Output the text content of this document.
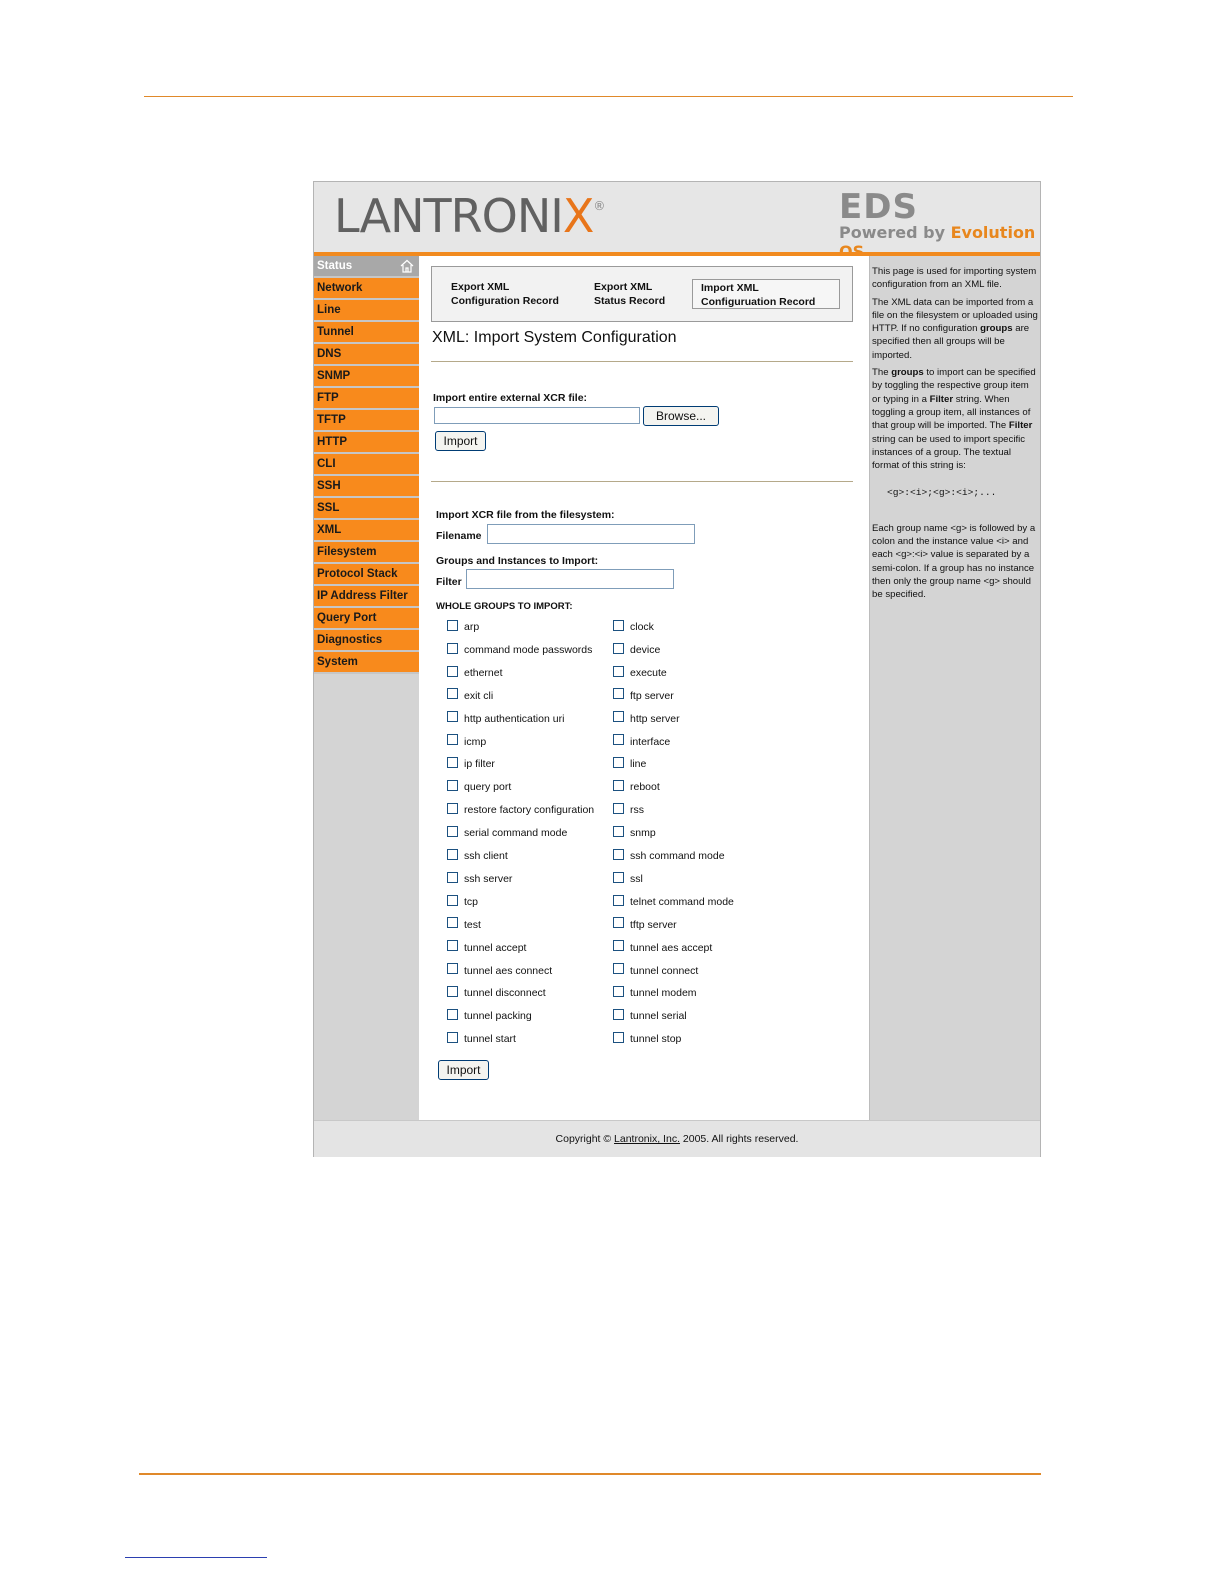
LANTRONIX®	EDS
Powered by Evolution
Status
Network
Line
Tunnel
DNS
SNMP
FTP
TFTP
HTTP
CLI
SSH
SSL
XML
Filesystem
Protocol Stack
IP Address Filter
Query Port
Diagnostics
System
Export XML
Configuration Record
Export XML
Status Record
Import XML
Configuruation Record
XML: Import System Configuration
Import entire external XCR file:
Browse...
Import
Import XCR file from the filesystem:
Filename
Groups and Instances to Import:
Filter
WHOLE GROUPS TO IMPORT:
arp
command mode passwords
ethernet
exit cli
http authentication uri
icmp
ip filter
query port
restore factory configuration
serial command mode
ssh client
ssh server
tcp
test
tunnel accept
tunnel aes connect
tunnel disconnect
tunnel packing
tunnel start
clock
device
execute
ftp server
http server
interface
line
reboot
rss
snmp
ssh command mode
ssl
telnet command mode
tftp server
tunnel aes accept
tunnel connect
tunnel modem
tunnel serial
tunnel stop
Import

This page is used for importing system configuration from an XML file.

The XML data can be imported from a file on the filesystem or uploaded using HTTP. If no configuration groups are specified then all groups will be imported.

The groups to import can be specified by toggling the respective group item or typing in a Filter string. When toggling a group item, all instances of that group will be imported. The Filter string can be used to import specific instances of a group. The textual format of this string is:

<g>:<i>;<g>:<i>;...

Each group name <g> is followed by a colon and the instance value <i> and each <g>:<i> value is separated by a semi-colon. If a group has no instance then only the group name <g> should be specified.

Copyright © Lantronix, Inc. 2005. All rights reserved.
